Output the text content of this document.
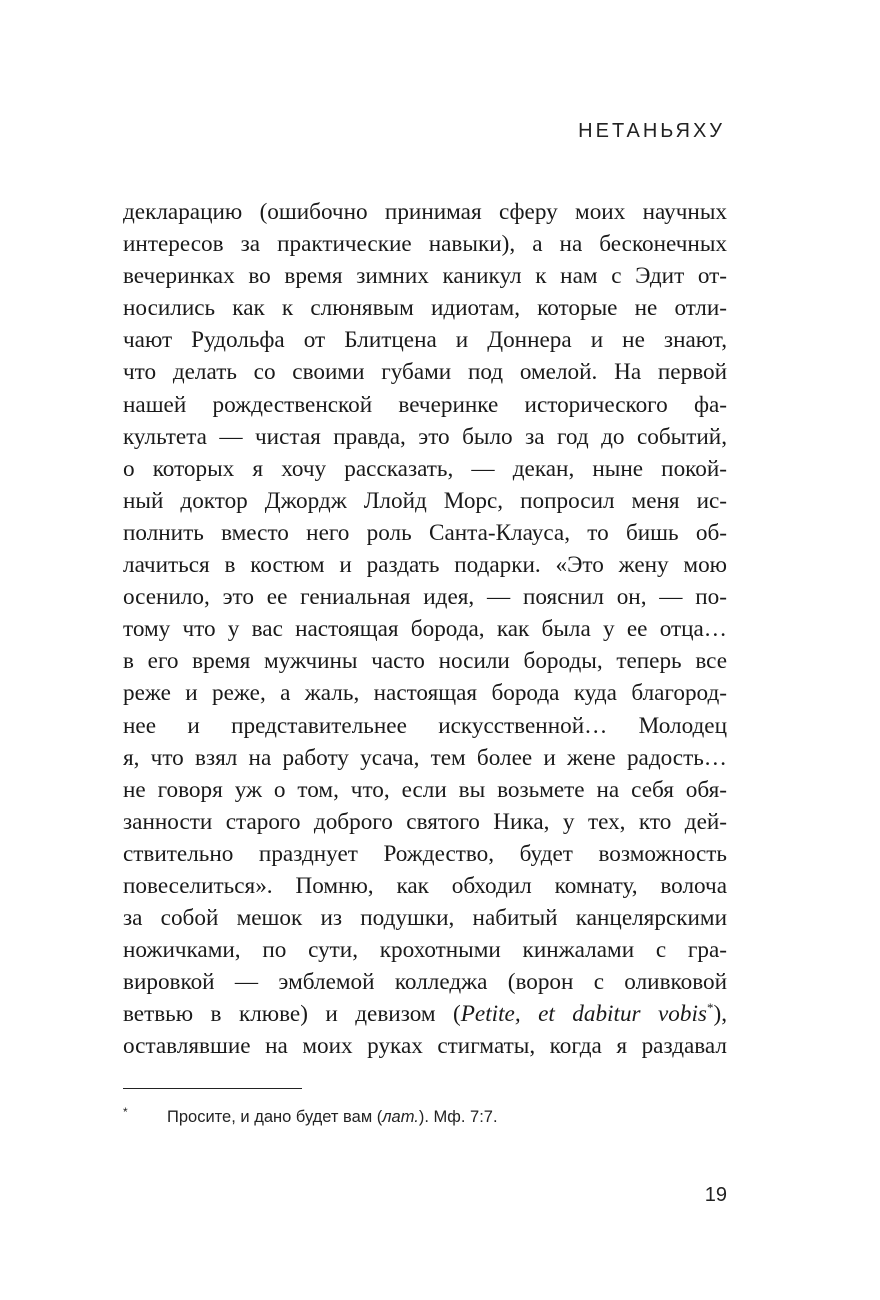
НЕТАНЬЯХУ
декларацию (ошибочно принимая сферу моих научных
интересов за практические навыки), а на бесконечных
вечеринках во время зимних каникул к нам с Эдит от-
носились как к слюнявым идиотам, которые не отли-
чают Рудольфа от Блитцена и Доннера и не знают,
что делать со своими губами под омелой. На первой
нашей рождественской вечеринке исторического фа-
культета — чистая правда, это было за год до событий,
о которых я хочу рассказать, — декан, ныне покой-
ный доктор Джордж Ллойд Морс, попросил меня ис-
полнить вместо него роль Санта-Клауса, то бишь об-
лачиться в костюм и раздать подарки. «Это жену мою
осенило, это ее гениальная идея, — пояснил он, — по-
тому что у вас настоящая борода, как была у ее отца…
в его время мужчины часто носили бороды, теперь все
реже и реже, а жаль, настоящая борода куда благород-
нее и представительнее искусственной… Молодец
я, что взял на работу усача, тем более и жене радость…
не говоря уж о том, что, если вы возьмете на себя обя-
занности старого доброго святого Ника, у тех, кто дей-
ствительно празднует Рождество, будет возможность
повеселиться». Помню, как обходил комнату, волоча
за собой мешок из подушки, набитый канцелярскими
ножичками, по сути, крохотными кинжалами с гра-
вировкой — эмблемой колледжа (ворон с оливковой
ветвью в клюве) и девизом (Petite, et dabitur vobis*),
оставлявшие на моих руках стигматы, когда я раздавал
* Просите, и дано будет вам (лат.). Мф. 7:7.
19
